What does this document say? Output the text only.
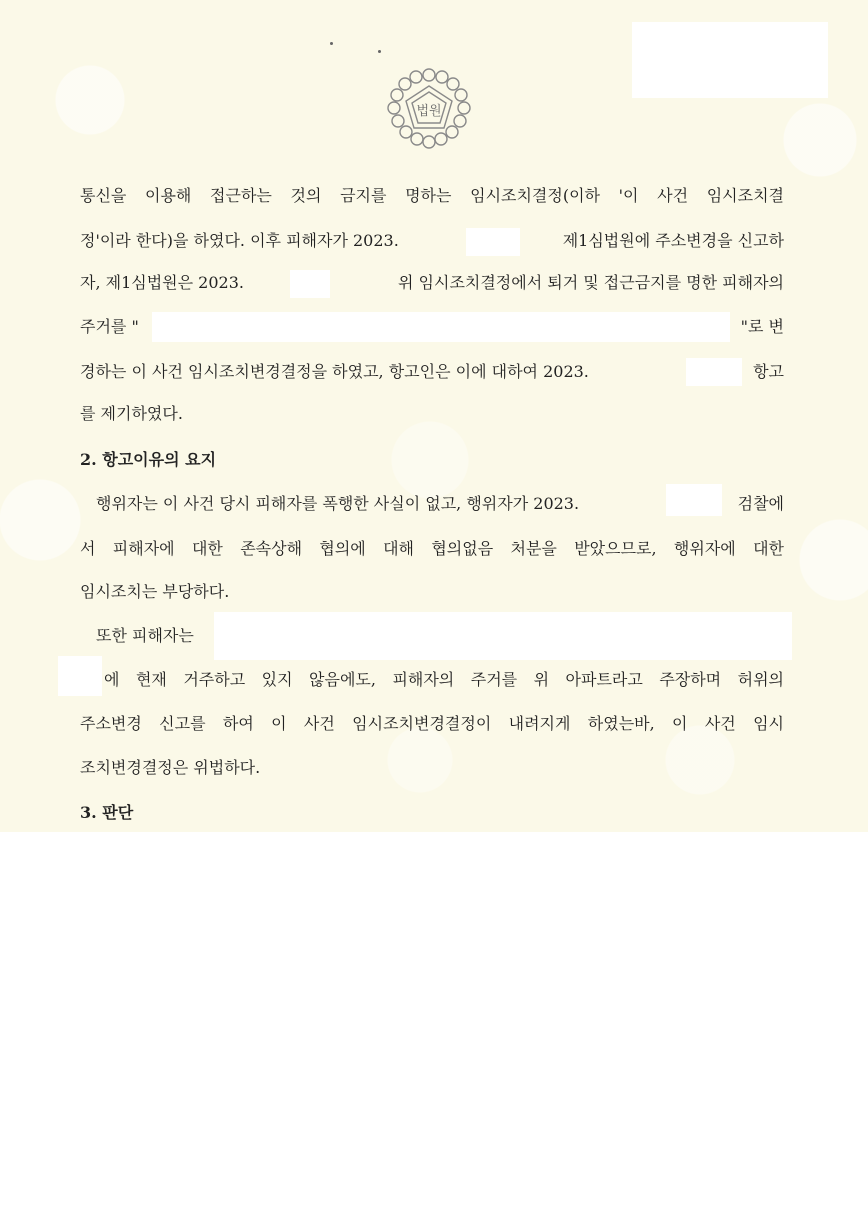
법원
통신을 이용해 접근하는 것의 금지를 명하는 임시조치결정(이하 '이 사건 임시조치결
정'이라 한다)을 하였다. 이후 피해자가 2023.	제1심법원에 주소변경을 신고하
자, 제1심법원은 2023.	위 임시조치결정에서 퇴거 및 접근금지를 명한 피해자의
주거를 "	"로 변
경하는 이 사건 임시조치변경결정을 하였고, 항고인은 이에 대하여 2023.	항고
를 제기하였다.
2. 항고이유의 요지
행위자는 이 사건 당시 피해자를 폭행한 사실이 없고, 행위자가 2023.	검찰에
서 피해자에 대한 존속상해 협의에 대해 협의없음 처분을 받았으므로, 행위자에 대한
임시조치는 부당하다.
또한 피해자는
에 현재 거주하고 있지 않음에도, 피해자의 주거를 위 아파트라고 주장하며 허위의
주소변경 신고를 하여 이 사건 임시조치변경결정이 내려지게 하였는바, 이 사건 임시
조치변경결정은 위법하다.
3. 판단
